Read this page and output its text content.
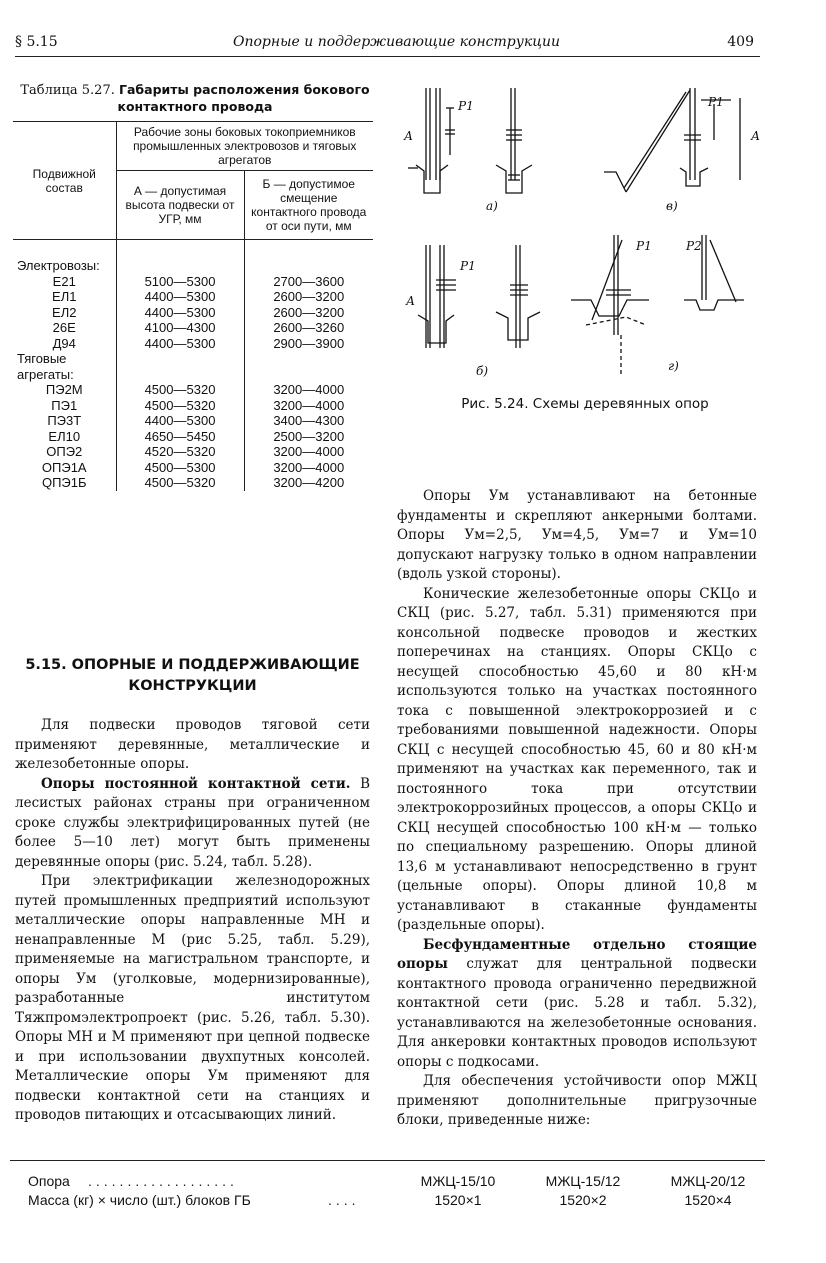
§ 5.15	Опорные и поддерживающие конструкции	409
Таблица 5.27. Габариты расположения бокового контактного провода
Подвижной состав	Рабочие зоны боковых токоприемников промышленных электровозов и тяговых агрегатов	
	А — допустимая высота подвески от УГР, мм	Б — допустимое смещение контактного провода от оси пути, мм

Электровозы:		
Е21	5100—5300	2700—3600
ЕЛ1	4400—5300	2600—3200
ЕЛ2	4400—5300	2600—3200
26Е	4100—4300	2600—3260
Д94	4400—5300	2900—3900
Тяговые агрегаты:		
ПЭ2М	4500—5320	3200—4000
ПЭ1	4500—5320	3200—4000
ПЭ3Т	4400—5300	3400—4300
ЕЛ10	4650—5450	2500—3200
ОПЭ2	4520—5320	3200—4000
ОПЭ1А	4500—5300	3200—4000
QПЭ1Б	4500—5320	3200—4200
а)	в)
б)	г)
P1	P1
P1
P1	P2
А	А
А
Рис. 5.24. Схемы деревянных опор
5.15. ОПОРНЫЕ И ПОДДЕРЖИВАЮЩИЕ КОНСТРУКЦИИ

Для подвески проводов тяговой сети применяют деревянные, металлические и железобетонные опоры.

Опоры постоянной контактной сети. В лесистых районах страны при ограниченном сроке службы электрифицированных путей (не более 5—10 лет) могут быть применены деревянные опоры (рис. 5.24, табл. 5.28).

При электрификации железнодорожных путей промышленных предприятий используют металлические опоры направленные МН и ненаправленные М (рис 5.25, табл. 5.29), применяемые на магистральном транспорте, и опоры Ум (уголковые, модернизированные), разработанные институтом Тяжпромэлектропроект (рис. 5.26, табл. 5.30). Опоры МН и М применяют при цепной подвеске и при использовании двухпутных консолей. Металлические опоры Ум применяют для подвески контактной сети на станциях и проводов питающих и отсасывающих линий.

Опоры Ум устанавливают на бетонные фундаменты и скрепляют анкерными болтами. Опоры Ум=2,5, Ум=4,5, Ум=7 и Ум=10 допускают нагрузку только в одном направлении (вдоль узкой стороны).

Конические железобетонные опоры СКЦо и СКЦ (рис. 5.27, табл. 5.31) применяются при консольной подвеске проводов и жестких поперечинах на станциях. Опоры СКЦо с несущей способностью 45,60 и 80 кН·м используются только на участках постоянного тока с повышенной электрокоррозией и с требованиями повышенной надежности. Опоры СКЦ с несущей способностью 45, 60 и 80 кН·м применяют на участках как переменного, так и постоянного тока при отсутствии электрокоррозийных процессов, а опоры СКЦо и СКЦ несущей способностью 100 кН·м — только по специальному разрешению. Опоры длиной 13,6 м устанавливают непосредственно в грунт (цельные опоры). Опоры длиной 10,8 м устанавливают в стаканные фундаменты (раздельные опоры).

Бесфундаментные отдельно стоящие опоры служат для центральной подвески контактного провода ограниченно передвижной контактной сети (рис. 5.28 и табл. 5.32), устанавливаются на железобетонные основания. Для анкеровки контактных проводов используют опоры с подкосами.

Для обеспечения устойчивости опор МЖЦ применяют дополнительные пригрузочные блоки, приведенные ниже:

Опора ...................	МЖЦ-15/10	МЖЦ-15/12	МЖЦ-20/12
Масса (кг) × число (шт.) блоков ГБ	....	1520×1	1520×2	1520×4
